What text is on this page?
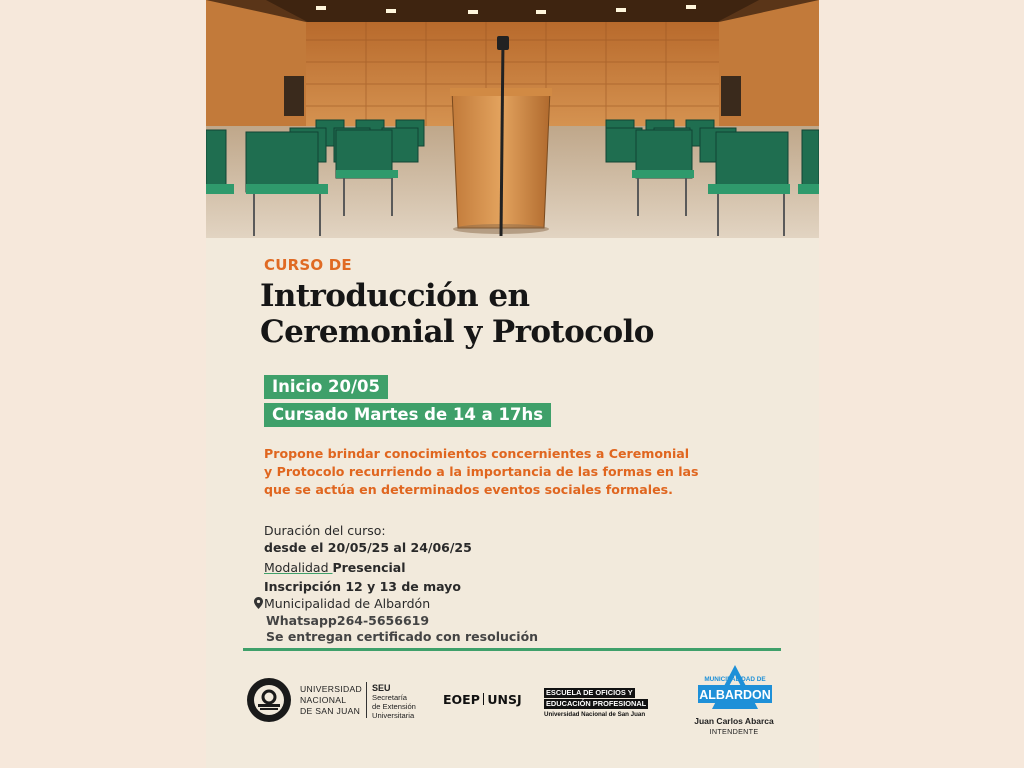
CURSO DE
Introducción en
Ceremonial y Protocolo
Inicio 20/05
Cursado Martes de 14 a 17hs
Propone brindar conocimientos concernientes a Ceremonial
y Protocolo recurriendo a la importancia de las formas en las
que se actúa en determinados eventos sociales formales.
Duración del curso:
desde el 20/05/25 al 24/06/25
Modalidad Presencial
Inscripción 12 y 13 de mayo
Municipalidad de Albardón
Whatsapp264-5656619
Se entregan certificado con resolución
UNIVERSIDAD
NACIONAL
DE SAN JUAN
SEU
Secretaría
de Extensión
Universitaria
EOEP UNSJ	ESCUELA DE OFICIOS Y
EDUCACIÓN PROFESIONAL
Universidad Nacional de San Juan
MUNICIPALIDAD DE
ALBARDON
Juan Carlos Abarca
INTENDENTE
